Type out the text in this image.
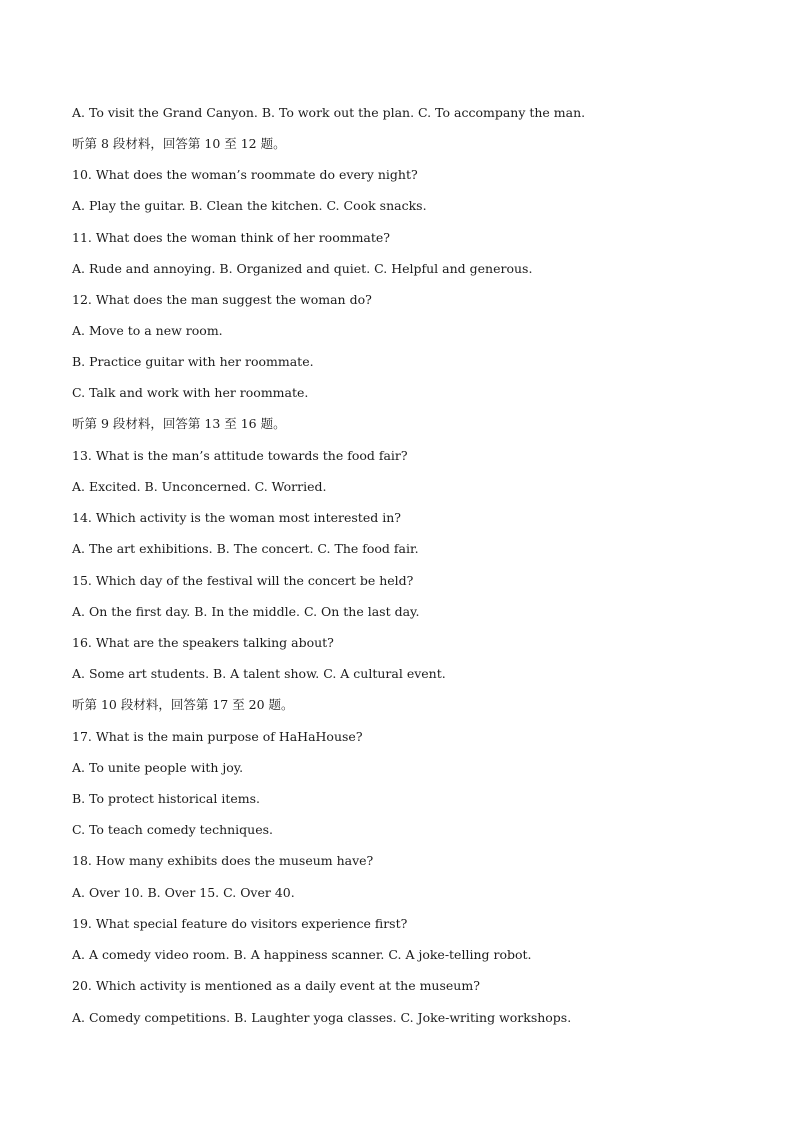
A. To visit the Grand Canyon. B. To work out the plan. C. To accompany the man.
听第 8 段材料，回答第 10 至 12 题。
10. What does the woman’s roommate do every night?
A. Play the guitar. B. Clean the kitchen. C. Cook snacks.
11. What does the woman think of her roommate?
A. Rude and annoying. B. Organized and quiet. C. Helpful and generous.
12. What does the man suggest the woman do?
A. Move to a new room.
B. Practice guitar with her roommate.
C. Talk and work with her roommate.
听第 9 段材料，回答第 13 至 16 题。
13. What is the man’s attitude towards the food fair?
A. Excited. B. Unconcerned. C. Worried.
14. Which activity is the woman most interested in?
A. The art exhibitions. B. The concert. C. The food fair.
15. Which day of the festival will the concert be held?
A. On the first day. B. In the middle. C. On the last day.
16. What are the speakers talking about?
A. Some art students. B. A talent show. C. A cultural event.
听第 10 段材料，回答第 17 至 20 题。
17. What is the main purpose of HaHaHouse?
A. To unite people with joy.
B. To protect historical items.
C. To teach comedy techniques.
18. How many exhibits does the museum have?
A. Over 10. B. Over 15. C. Over 40.
19. What special feature do visitors experience first?
A. A comedy video room. B. A happiness scanner. C. A joke-telling robot.
20. Which activity is mentioned as a daily event at the museum?
A. Comedy competitions. B. Laughter yoga classes. C. Joke-writing workshops.
